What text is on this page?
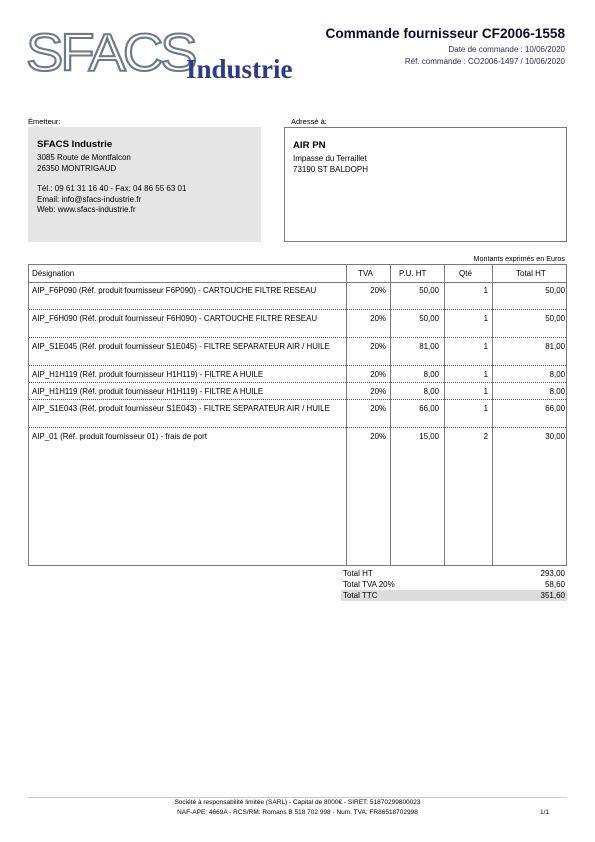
SFACS
Industrie
Commande fournisseur CF2006-1558
Date de commande : 10/06/2020
Réf. commande : CO2006-1497 / 10/06/2020
Émetteur:
SFACS Industrie
3085 Route de Montfalcon
26350 MONTRIGAUD
Tél.: 09 61 31 16 40 - Fax: 04 86 55 63 01
Email: info@sfacs-industrie.fr
Web: www.sfacs-industrie.fr
Adressé à:
AIR PN
Impasse du Terraillet
73190 ST BALDOPH
Montants exprimés en Euros
Désignation	TVA	P.U. HT	Qté	Total HT
AIP_F6P090 (Réf. produit fournisseur F6P090) - CARTOUCHE FILTRE RESEAU	20%	50,00	1	50,00
AIP_F6H090 (Réf. produit fournisseur F6H090) - CARTOUCHE FILTRE RESEAU	20%	50,00	1	50,00
AIP_S1E045 (Réf. produit fournisseur S1E045) - FILTRE SEPARATEUR AIR / HUILE	20%	81,00	1	81,00
AIP_H1H119 (Réf. produit fournisseur H1H119) - FILTRE A HUILE	20%	8,00	1	8,00
AIP_H1H119 (Réf. produit fournisseur H1H119) - FILTRE A HUILE	20%	8,00	1	8,00
AIP_S1E043 (Réf. produit fournisseur S1E043) - FILTRE SEPARATEUR AIR / HUILE	20%	66,00	1	66,00
AIP_01 (Réf. produit fournisseur 01) - frais de port	20%	15,00	2	30,00
Total HT	293,00
Total TVA 20%	58,60
Total TTC	351,60
Société à responsabilité limitée (SARL) - Capital de 8000€ - SIRET: 51870299800023
NAF-APE: 4669A - RCS/RM: Romans B 518 702 998 - Num. TVA: FR86518702998	1/1
